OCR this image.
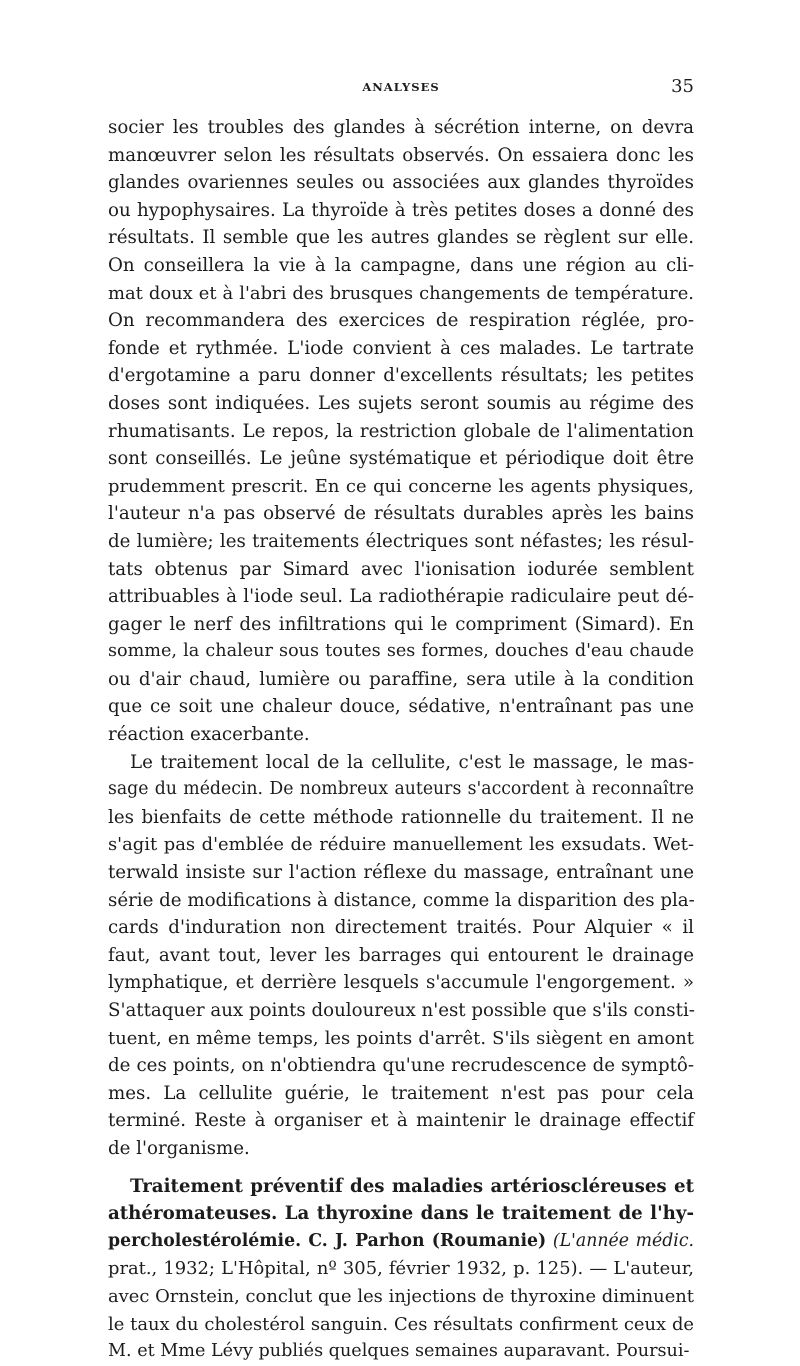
ANALYSES	35
socier les troubles des glandes à sécrétion interne, on devra
manœuvrer selon les résultats observés. On essaiera donc les
glandes ovariennes seules ou associées aux glandes thyroïdes
ou hypophysaires. La thyroïde à très petites doses a donné des
résultats. Il semble que les autres glandes se règlent sur elle.
On conseillera la vie à la campagne, dans une région au cli-
mat doux et à l'abri des brusques changements de température.
On recommandera des exercices de respiration réglée, pro-
fonde et rythmée. L'iode convient à ces malades. Le tartrate
d'ergotamine a paru donner d'excellents résultats; les petites
doses sont indiquées. Les sujets seront soumis au régime des
rhumatisants. Le repos, la restriction globale de l'alimentation
sont conseillés. Le jeûne systématique et périodique doit être
prudemment prescrit. En ce qui concerne les agents physiques,
l'auteur n'a pas observé de résultats durables après les bains
de lumière; les traitements électriques sont néfastes; les résul-
tats obtenus par Simard avec l'ionisation iodurée semblent
attribuables à l'iode seul. La radiothérapie radiculaire peut dé-
gager le nerf des infiltrations qui le compriment (Simard). En
somme, la chaleur sous toutes ses formes, douches d'eau chaude
ou d'air chaud, lumière ou paraffine, sera utile à la condition
que ce soit une chaleur douce, sédative, n'entraînant pas une
réaction exacerbante.
Le traitement local de la cellulite, c'est le massage, le mas-
sage du médecin. De nombreux auteurs s'accordent à reconnaître
les bienfaits de cette méthode rationnelle du traitement. Il ne
s'agit pas d'emblée de réduire manuellement les exsudats. Wet-
terwald insiste sur l'action réflexe du massage, entraînant une
série de modifications à distance, comme la disparition des pla-
cards d'induration non directement traités. Pour Alquier « il
faut, avant tout, lever les barrages qui entourent le drainage
lymphatique, et derrière lesquels s'accumule l'engorgement. »
S'attaquer aux points douloureux n'est possible que s'ils consti-
tuent, en même temps, les points d'arrêt. S'ils siègent en amont
de ces points, on n'obtiendra qu'une recrudescence de symptô-
mes. La cellulite guérie, le traitement n'est pas pour cela
terminé. Reste à organiser et à maintenir le drainage effectif
de l'organisme.
Traitement préventif des maladies artérioscléreuses et
athéromateuses. La thyroxine dans le traitement de l'hy-
percholestérolémie. C. J. Parhon (Roumanie) (L'année médic.
prat., 1932; L'Hôpital, nº 305, février 1932, p. 125). — L'auteur,
avec Ornstein, conclut que les injections de thyroxine diminuent
le taux du cholestérol sanguin. Ces résultats confirment ceux de
M. et Mme Lévy publiés quelques semaines auparavant. Poursui-
